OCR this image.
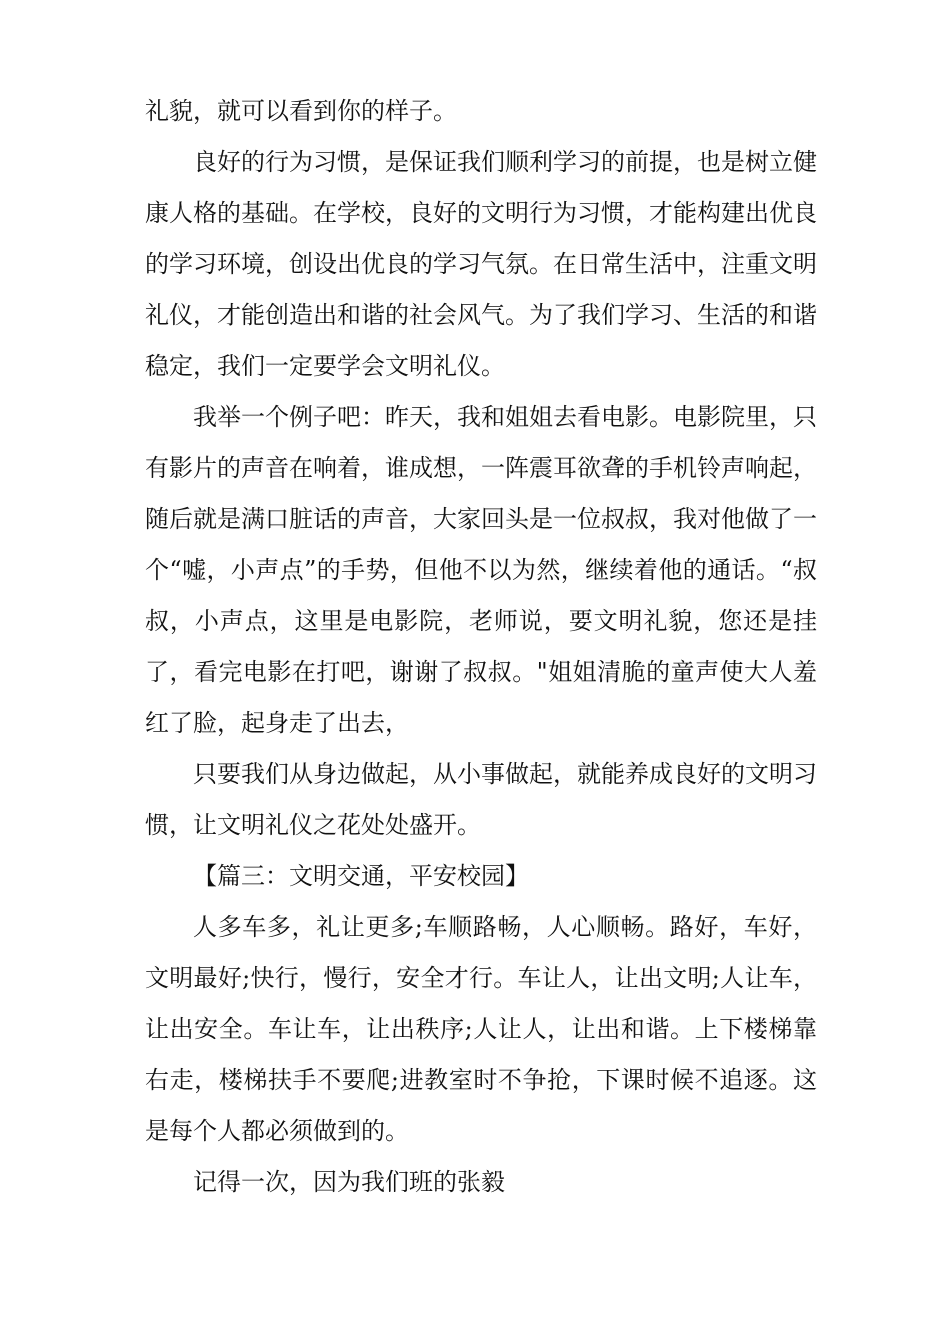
礼貌，就可以看到你的样子。

良好的行为习惯，是保证我们顺利学习的前提，也是树立健康人格的基础。在学校，良好的文明行为习惯，才能构建出优良的学习环境，创设出优良的学习气氛。在日常生活中，注重文明礼仪，才能创造出和谐的社会风气。为了我们学习、生活的和谐稳定，我们一定要学会文明礼仪。

我举一个例子吧：昨天，我和姐姐去看电影。电影院里，只有影片的声音在响着，谁成想，一阵震耳欲聋的手机铃声响起，随后就是满口脏话的声音，大家回头是一位叔叔，我对他做了一个“嘘，小声点”的手势，但他不以为然，继续着他的通话。“叔叔，小声点，这里是电影院，老师说，要文明礼貌，您还是挂了，看完电影在打吧，谢谢了叔叔。"姐姐清脆的童声使大人羞红了脸，起身走了出去，

只要我们从身边做起，从小事做起，就能养成良好的文明习惯，让文明礼仪之花处处盛开。

【篇三：文明交通，平安校园】

人多车多，礼让更多;车顺路畅，人心顺畅。路好，车好，文明最好;快行，慢行，安全才行。车让人，让出文明;人让车，让出安全。车让车，让出秩序;人让人，让出和谐。上下楼梯靠右走，楼梯扶手不要爬;进教室时不争抢，下课时候不追逐。这是每个人都必须做到的。

记得一次，因为我们班的张毅
